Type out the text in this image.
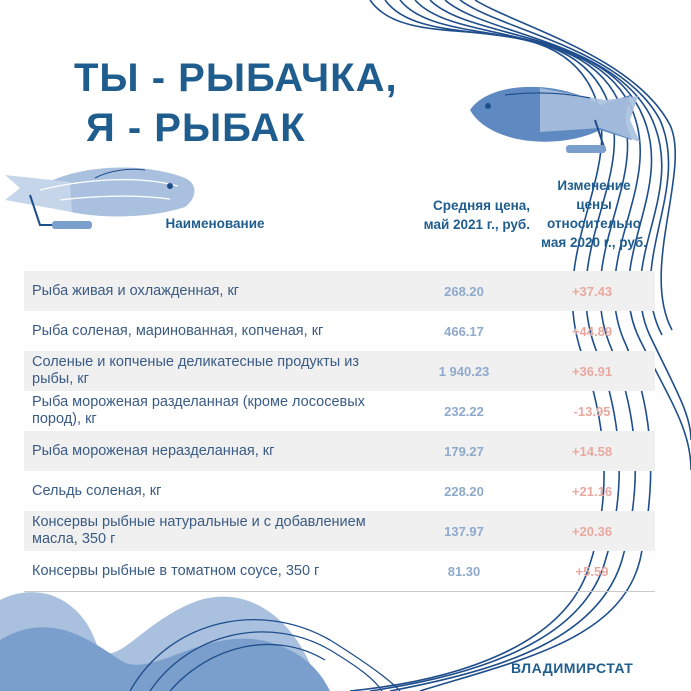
ТЫ - РЫБАЧКА,
Я - РЫБАК
Наименование
Средняя цена, май 2021 г., руб.
Изменение цены относительно мая 2020 г., руб.
Рыба живая и охлажденная, кг	268.20	+37.43
Рыба соленая, маринованная, копченая, кг	466.17	+44.89
Соленые и копченые деликатесные продукты из рыбы, кг	1 940.23	+36.91
Рыба мороженая разделанная (кроме лососевых пород), кг	232.22	-13.95
Рыба мороженая неразделанная, кг	179.27	+14.58
Сельдь соленая, кг	228.20	+21.16
Консервы рыбные натуральные и с добавлением масла, 350 г	137.97	+20.36
Консервы рыбные в томатном соусе, 350 г	81.30	+5.59
ВЛАДИМИРСТАТ
